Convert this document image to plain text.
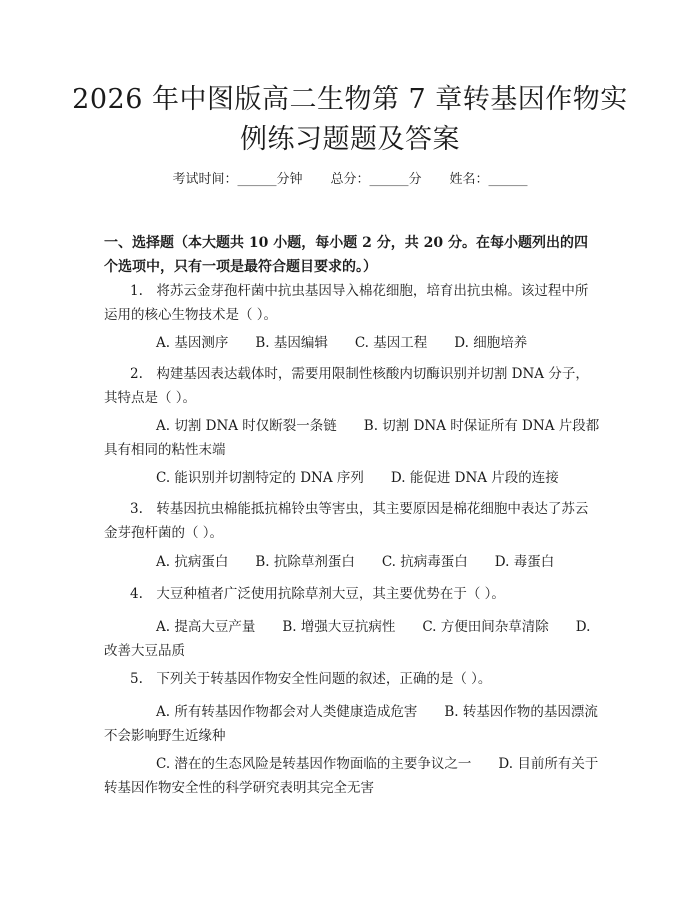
2026 年中图版高二生物第 7 章转基因作物实例练习题题及答案
考试时间：______分钟 总分：______分 姓名：______
一、选择题（本大题共 10 小题，每小题 2 分，共 20 分。在每小题列出的四个选项中，只有一项是最符合题目要求的。）
1.　将苏云金芽孢杆菌中抗虫基因导入棉花细胞，培育出抗虫棉。该过程中所运用的核心生物技术是（ ）。
A. 基因测序　　B. 基因编辑　　C. 基因工程　　D. 细胞培养
2.　构建基因表达载体时，需要用限制性核酸内切酶识别并切割 DNA 分子，其特点是（ ）。
A. 切割 DNA 时仅断裂一条链　　B. 切割 DNA 时保证所有 DNA 片段都具有相同的粘性末端
C. 能识别并切割特定的 DNA 序列　　D. 能促进 DNA 片段的连接
3.　转基因抗虫棉能抵抗棉铃虫等害虫，其主要原因是棉花细胞中表达了苏云金芽孢杆菌的（ ）。
A. 抗病蛋白　　B. 抗除草剂蛋白　　C. 抗病毒蛋白　　D. 毒蛋白
4.　大豆种植者广泛使用抗除草剂大豆，其主要优势在于（ ）。
A. 提高大豆产量　　B. 增强大豆抗病性　　C. 方便田间杂草清除　　D. 改善大豆品质
5.　下列关于转基因作物安全性问题的叙述，正确的是（ ）。
A. 所有转基因作物都会对人类健康造成危害　　B. 转基因作物的基因漂流不会影响野生近缘种
C. 潜在的生态风险是转基因作物面临的主要争议之一　　D. 目前所有关于转基因作物安全性的科学研究表明其完全无害
